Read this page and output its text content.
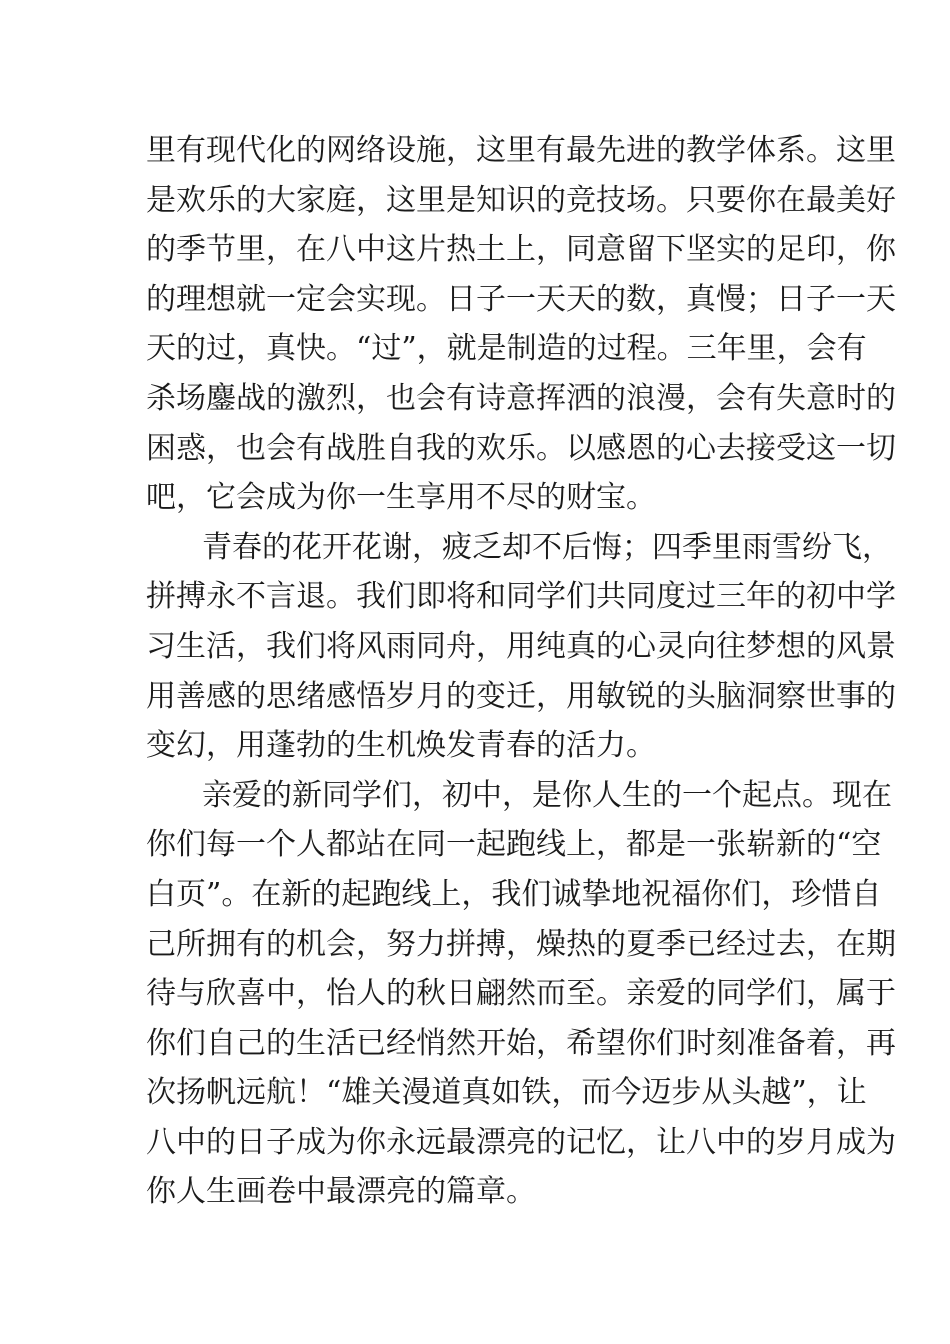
里有现代化的网络设施，这里有最先进的教学体系。这里
是欢乐的大家庭，这里是知识的竞技场。只要你在最美好
的季节里，在八中这片热土上，同意留下坚实的足印，你
的理想就一定会实现。日子一天天的数，真慢；日子一天
天的过，真快。“过”，就是制造的过程。三年里，会有
杀场鏖战的激烈，也会有诗意挥洒的浪漫，会有失意时的
困惑，也会有战胜自我的欢乐。以感恩的心去接受这一切
吧，它会成为你一生享用不尽的财宝。
青春的花开花谢，疲乏却不后悔；四季里雨雪纷飞，
拼搏永不言退。我们即将和同学们共同度过三年的初中学
习生活，我们将风雨同舟，用纯真的心灵向往梦想的风景
用善感的思绪感悟岁月的变迁，用敏锐的头脑洞察世事的
变幻，用蓬勃的生机焕发青春的活力。
亲爱的新同学们，初中，是你人生的一个起点。现在
你们每一个人都站在同一起跑线上，都是一张崭新的“空
白页”。在新的起跑线上，我们诚挚地祝福你们，珍惜自
己所拥有的机会，努力拼搏，燥热的夏季已经过去，在期
待与欣喜中，怡人的秋日翩然而至。亲爱的同学们，属于
你们自己的生活已经悄然开始，希望你们时刻准备着，再
次扬帆远航！“雄关漫道真如铁，而今迈步从头越”，让
八中的日子成为你永远最漂亮的记忆，让八中的岁月成为
你人生画卷中最漂亮的篇章。
